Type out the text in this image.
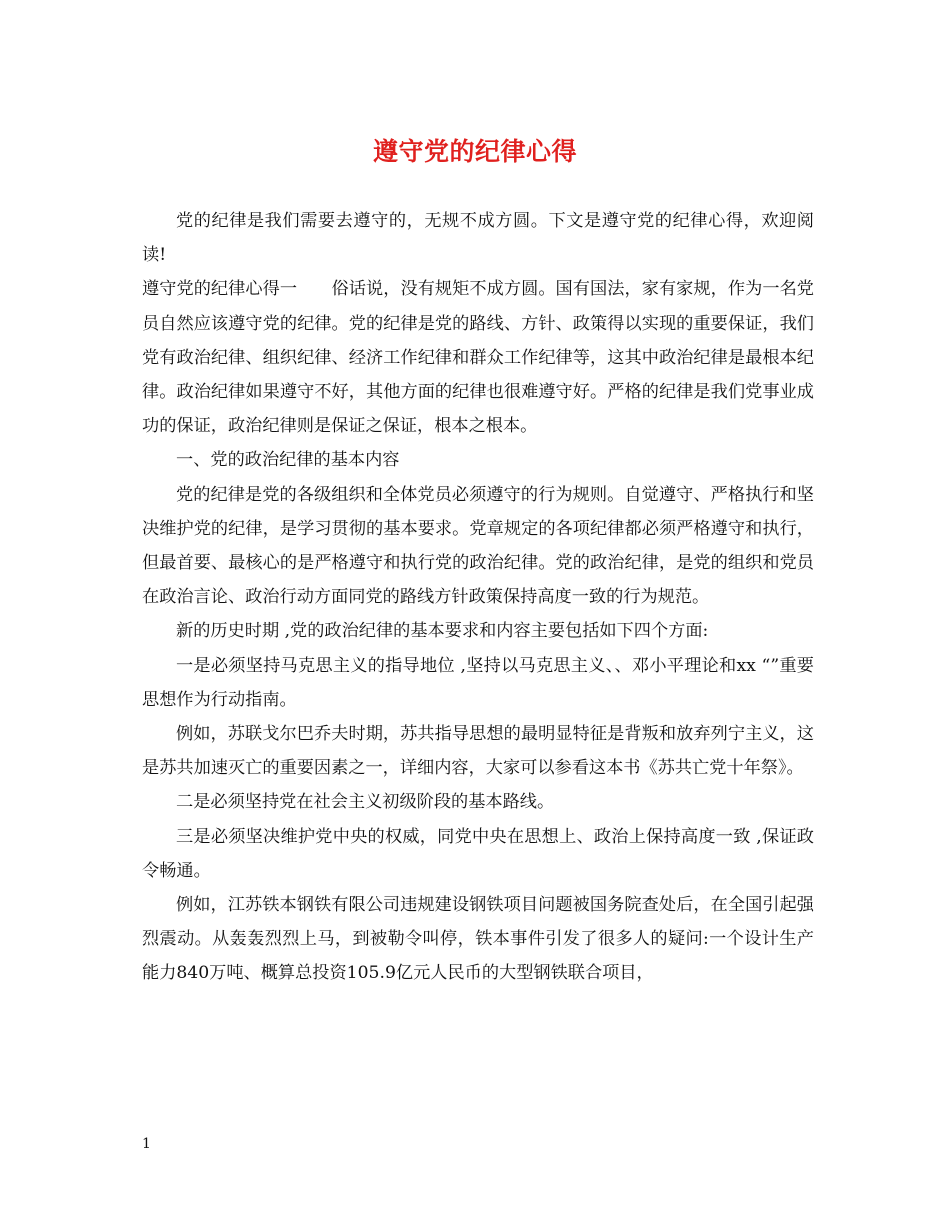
遵守党的纪律心得

党的纪律是我们需要去遵守的，无规不成方圆。下文是遵守党的纪律心得，欢迎阅读!

遵守党的纪律心得一　　俗话说，没有规矩不成方圆。国有国法，家有家规，作为一名党员自然应该遵守党的纪律。党的纪律是党的路线、方针、政策得以实现的重要保证，我们党有政治纪律、组织纪律、经济工作纪律和群众工作纪律等，这其中政治纪律是最根本纪律。政治纪律如果遵守不好，其他方面的纪律也很难遵守好。严格的纪律是我们党事业成功的保证，政治纪律则是保证之保证，根本之根本。

一、党的政治纪律的基本内容

党的纪律是党的各级组织和全体党员必须遵守的行为规则。自觉遵守、严格执行和坚决维护党的纪律，是学习贯彻的基本要求。党章规定的各项纪律都必须严格遵守和执行，但最首要、最核心的是严格遵守和执行党的政治纪律。党的政治纪律，是党的组织和党员在政治言论、政治行动方面同党的路线方针政策保持高度一致的行为规范。

新的历史时期 ,党的政治纪律的基本要求和内容主要包括如下四个方面:

一是必须坚持马克思主义的指导地位 ,坚持以马克思主义、、邓小平理论和xx “”重要思想作为行动指南。

例如，苏联戈尔巴乔夫时期，苏共指导思想的最明显特征是背叛和放弃列宁主义，这是苏共加速灭亡的重要因素之一，详细内容，大家可以参看这本书《苏共亡党十年祭》。

二是必须坚持党在社会主义初级阶段的基本路线。

三是必须坚决维护党中央的权威，同党中央在思想上、政治上保持高度一致 ,保证政令畅通。

例如，江苏铁本钢铁有限公司违规建设钢铁项目问题被国务院查处后，在全国引起强烈震动。从轰轰烈烈上马，到被勒令叫停，铁本事件引发了很多人的疑问:一个设计生产能力840万吨、概算总投资105.9亿元人民币的大型钢铁联合项目，

1
